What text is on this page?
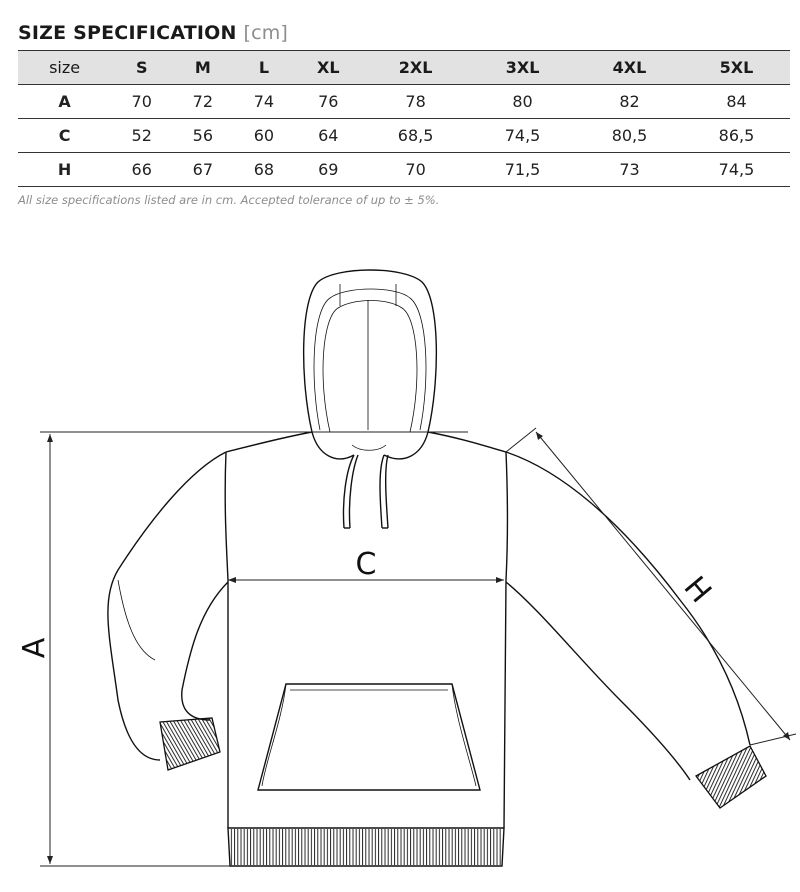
SIZE SPECIFICATION [cm]
size	S	M	L	XL	2XL	3XL	4XL	5XL
A	70	72	74	76	78	80	82	84
C	52	56	60	64	68,5	74,5	80,5	86,5
H	66	67	68	69	70	71,5	73	74,5
All size specifications listed are in cm. Accepted tolerance of up to ± 5%.
A
C
H
